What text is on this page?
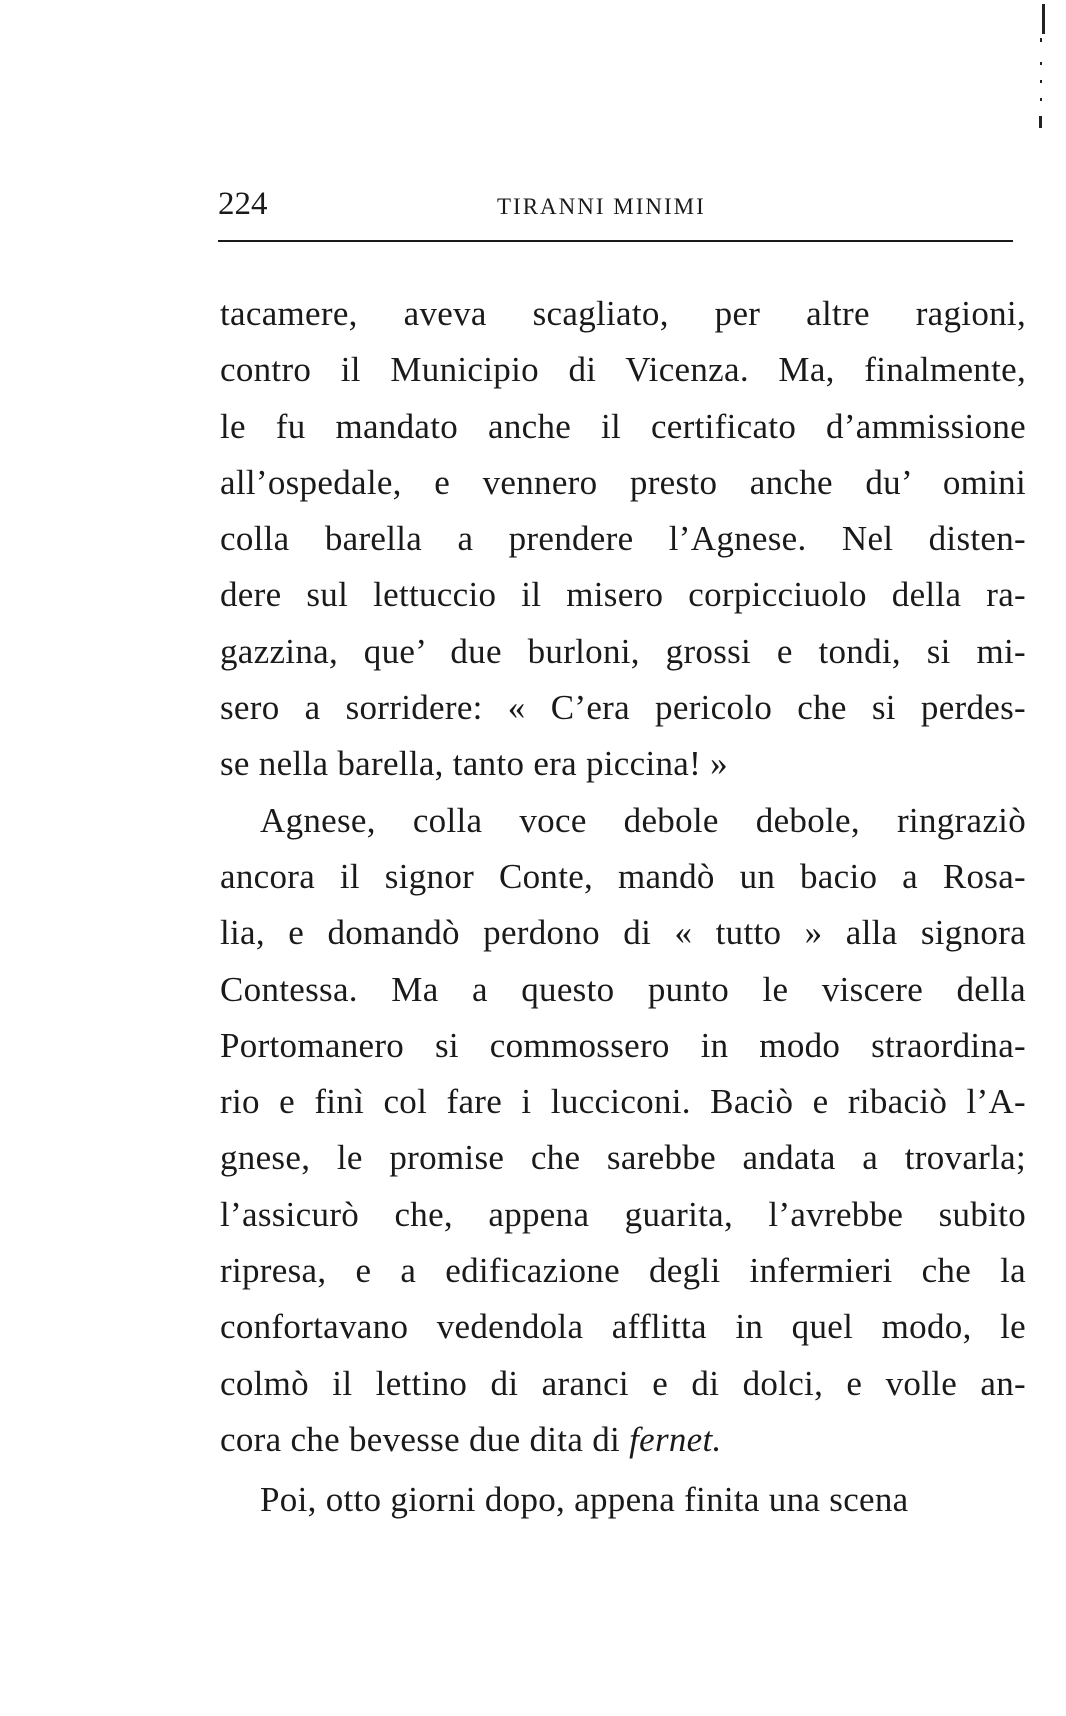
224	TIRANNI MINIMI
tacamere, aveva scagliato, per altre ragioni,
contro il Municipio di Vicenza. Ma, finalmente,
le fu mandato anche il certificato d’ammissione
all’ospedale, e vennero presto anche du’ omini
colla barella a prendere l’Agnese. Nel disten-
dere sul lettuccio il misero corpicciuolo della ra-
gazzina, que’ due burloni, grossi e tondi, si mi-
sero a sorridere: « C’era pericolo che si perdes-
se nella barella, tanto era piccina! »
Agnese, colla voce debole debole, ringraziò
ancora il signor Conte, mandò un bacio a Rosa-
lia, e domandò perdono di « tutto » alla signora
Contessa. Ma a questo punto le viscere della
Portomanero si commossero in modo straordina-
rio e finì col fare i lucciconi. Baciò e ribaciò l’A-
gnese, le promise che sarebbe andata a trovarla;
l’assicurò che, appena guarita, l’avrebbe subito
ripresa, e a edificazione degli infermieri che la
confortavano vedendola afflitta in quel modo, le
colmò il lettino di aranci e di dolci, e volle an-
cora che bevesse due dita di fernet.
Poi, otto giorni dopo, appena finita una scena
